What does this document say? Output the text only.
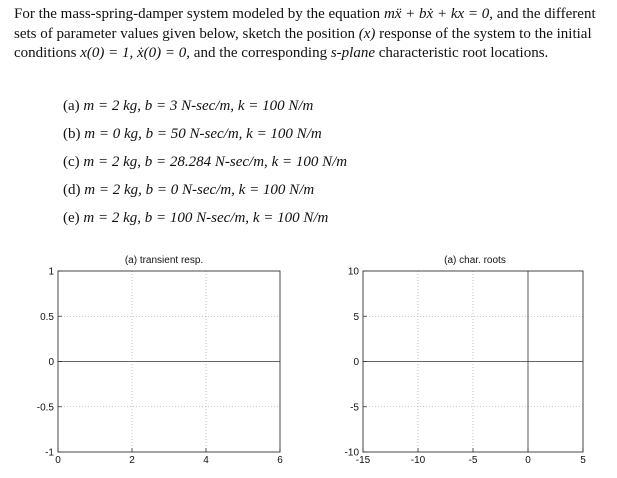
For the mass-spring-damper system modeled by the equation mẍ + bẋ + kx = 0, and the different sets of parameter values given below, sketch the position (x) response of the system to the initial conditions x(0) = 1, ẋ(0) = 0, and the corresponding s-plane characteristic root locations.
(a) m = 2 kg, b = 3 N-sec/m, k = 100 N/m
(b) m = 0 kg, b = 50 N-sec/m, k = 100 N/m
(c) m = 2 kg, b = 28.284 N-sec/m, k = 100 N/m
(d) m = 2 kg, b = 0 N-sec/m, k = 100 N/m
(e) m = 2 kg, b = 100 N-sec/m, k = 100 N/m
0	2	4	6
1
0.5
0
-0.5
-1
(a) transient resp.
-15	-10	-5	0	5
10
5
0
-5
-10
(a) char. roots
